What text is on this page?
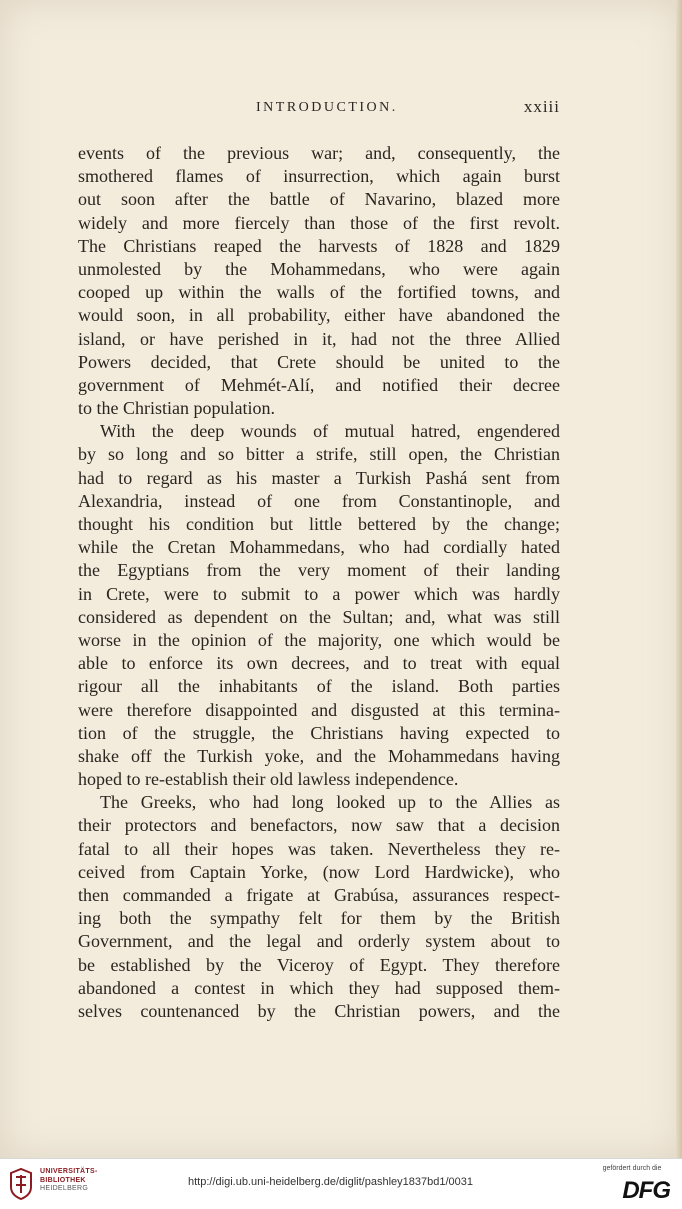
INTRODUCTION.	xxiii
events of the previous war; and, consequently, the
smothered flames of insurrection, which again burst
out soon after the battle of Navarino, blazed more
widely and more fiercely than those of the first revolt.
The Christians reaped the harvests of 1828 and 1829
unmolested by the Mohammedans, who were again
cooped up within the walls of the fortified towns, and
would soon, in all probability, either have abandoned the
island, or have perished in it, had not the three Allied
Powers decided, that Crete should be united to the
government of Mehmét-Alí, and notified their decree
to the Christian population.
With the deep wounds of mutual hatred, engendered
by so long and so bitter a strife, still open, the Christian
had to regard as his master a Turkish Pashá sent from
Alexandria, instead of one from Constantinople, and
thought his condition but little bettered by the change;
while the Cretan Mohammedans, who had cordially hated
the Egyptians from the very moment of their landing
in Crete, were to submit to a power which was hardly
considered as dependent on the Sultan; and, what was still
worse in the opinion of the majority, one which would be
able to enforce its own decrees, and to treat with equal
rigour all the inhabitants of the island. Both parties
were therefore disappointed and disgusted at this termina-
tion of the struggle, the Christians having expected to
shake off the Turkish yoke, and the Mohammedans having
hoped to re-establish their old lawless independence.
The Greeks, who had long looked up to the Allies as
their protectors and benefactors, now saw that a decision
fatal to all their hopes was taken. Nevertheless they re-
ceived from Captain Yorke, (now Lord Hardwicke), who
then commanded a frigate at Grabúsa, assurances respect-
ing both the sympathy felt for them by the British
Government, and the legal and orderly system about to
be established by the Viceroy of Egypt. They therefore
abandoned a contest in which they had supposed them-
selves countenanced by the Christian powers, and the
UNIVERSITÄTS-
BIBLIOTHEK
HEIDELBERG
http://digi.ub.uni-heidelberg.de/diglit/pashley1837bd1/0031
gefördert durch die
DFG
